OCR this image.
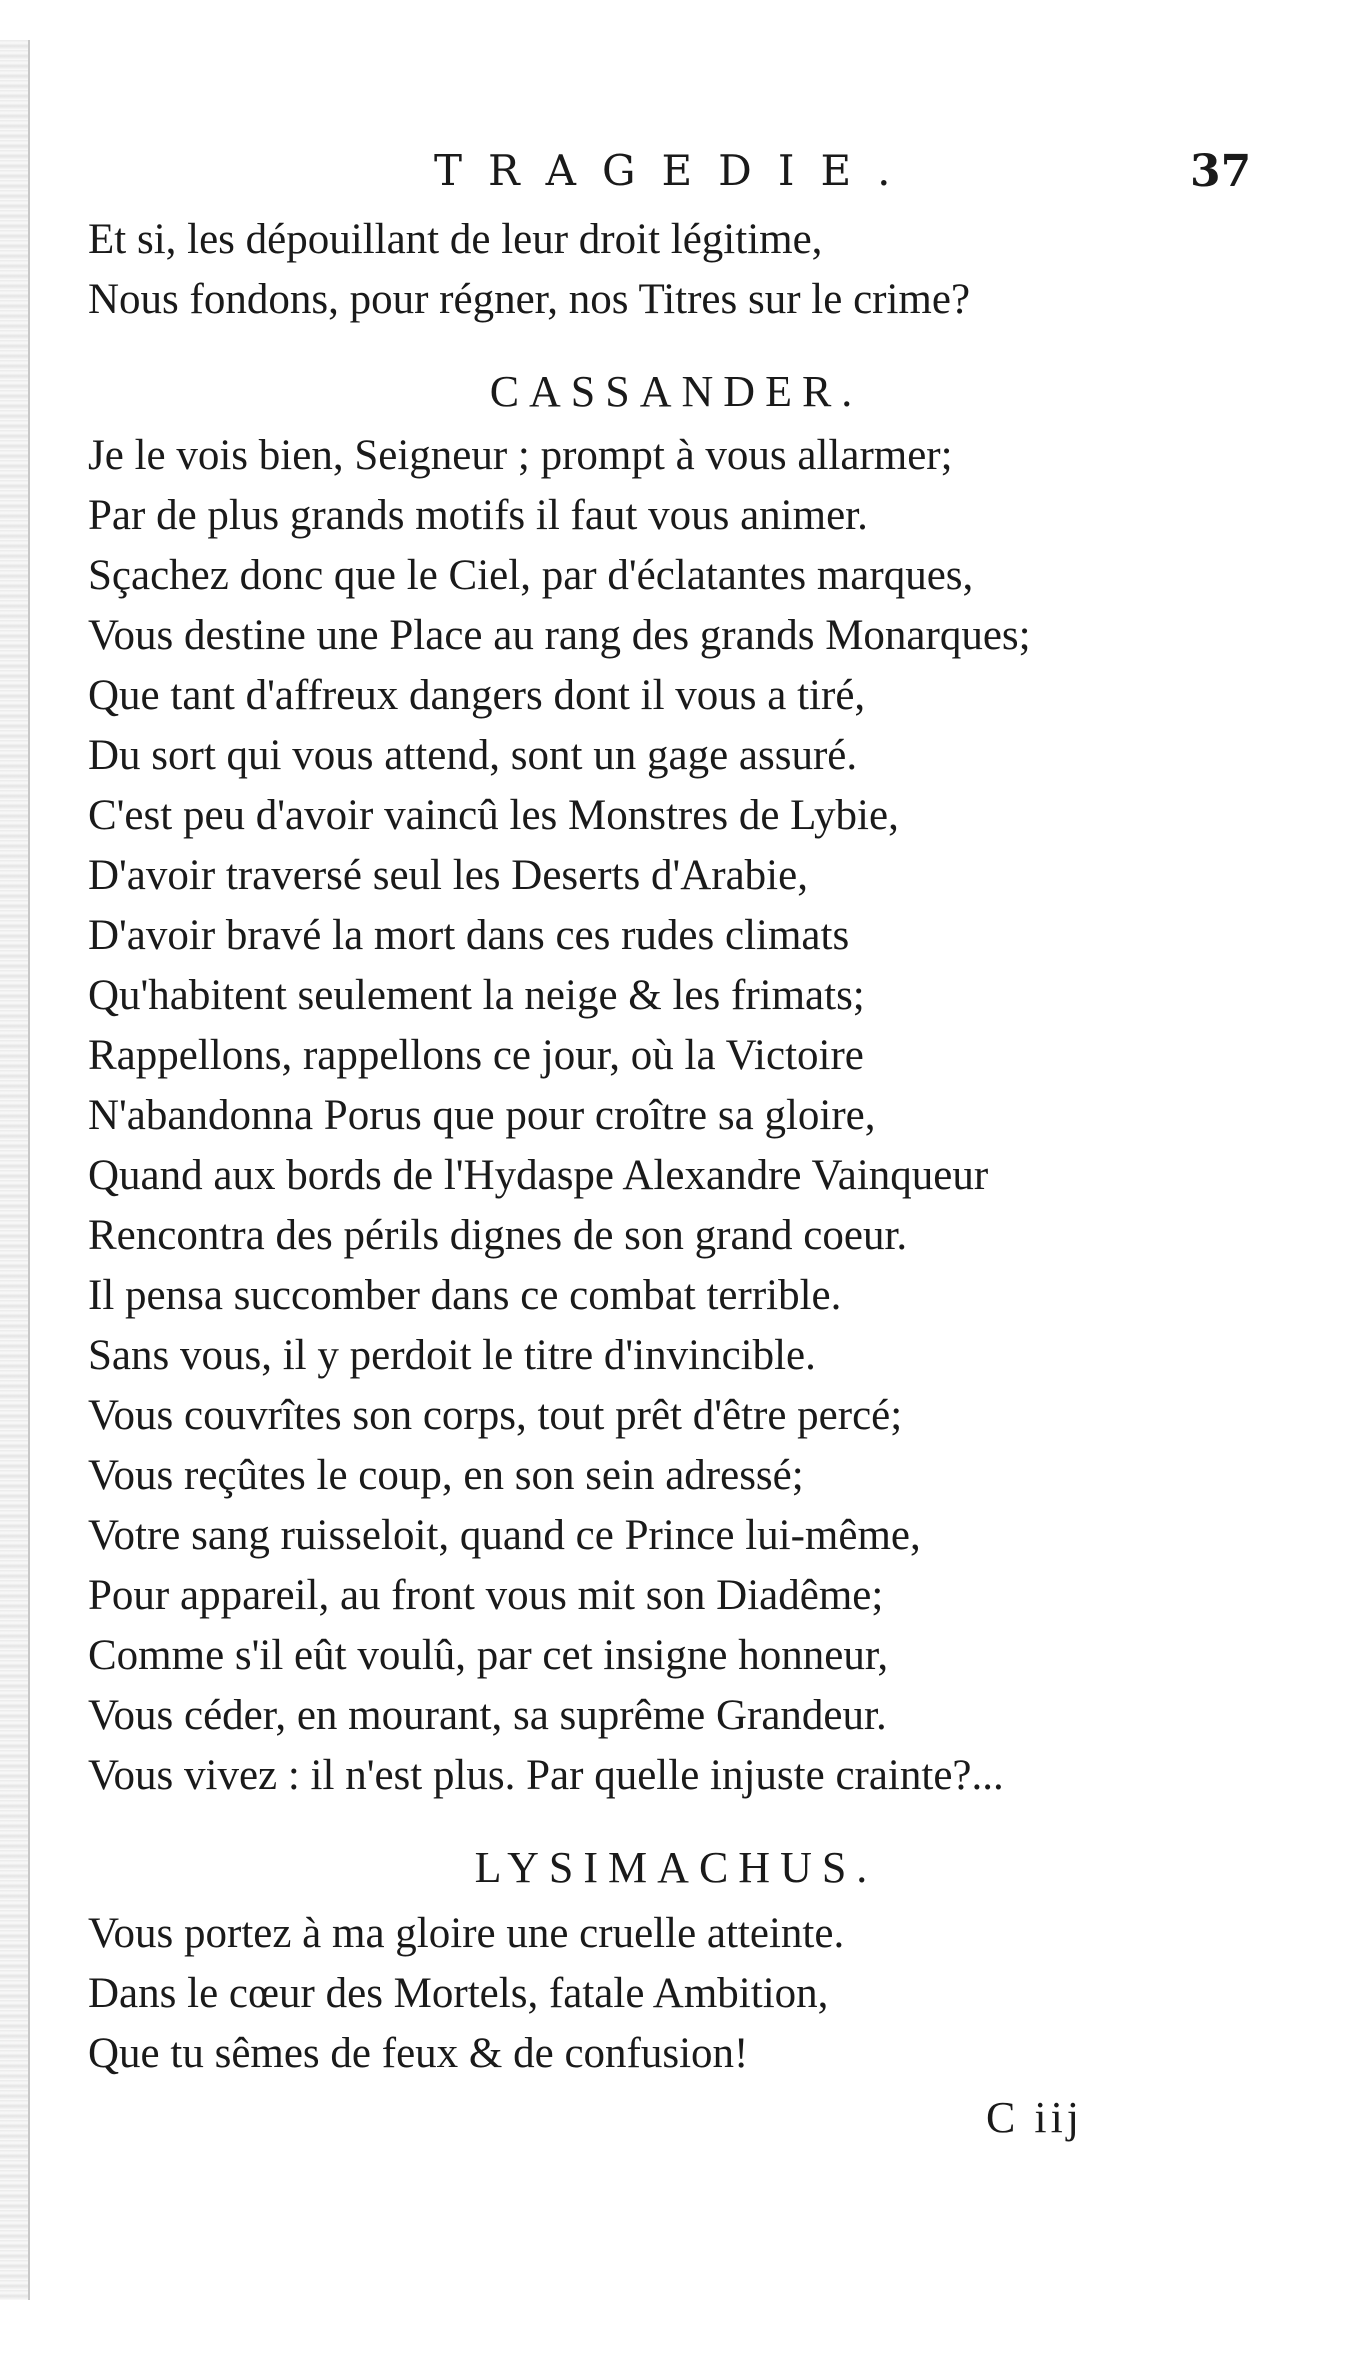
TRAGEDIE.	37
Et si, les dépouillant de leur droit légitime,
Nous fondons, pour régner, nos Titres sur le crime?
CASSANDER.
Je le vois bien, Seigneur ; prompt à vous allarmer;
Par de plus grands motifs il faut vous animer.
Sçachez donc que le Ciel, par d'éclatantes marques,
Vous destine une Place au rang des grands Monarques;
Que tant d'affreux dangers dont il vous a tiré,
Du sort qui vous attend, sont un gage assuré.
C'est peu d'avoir vaincû les Monstres de Lybie,
D'avoir traversé seul les Deserts d'Arabie,
D'avoir bravé la mort dans ces rudes climats
Qu'habitent seulement la neige & les frimats;
Rappellons, rappellons ce jour, où la Victoire
N'abandonna Porus que pour croître sa gloire,
Quand aux bords de l'Hydaspe Alexandre Vainqueur
Rencontra des périls dignes de son grand coeur.
Il pensa succomber dans ce combat terrible.
Sans vous, il y perdoit le titre d'invincible.
Vous couvrîtes son corps, tout prêt d'être percé;
Vous reçûtes le coup, en son sein adressé;
Votre sang ruisseloit, quand ce Prince lui-même,
Pour appareil, au front vous mit son Diadême;
Comme s'il eût voulû, par cet insigne honneur,
Vous céder, en mourant, sa suprême Grandeur.
Vous vivez : il n'est plus. Par quelle injuste crainte?...
LYSIMACHUS.
Vous portez à ma gloire une cruelle atteinte.
Dans le cœur des Mortels, fatale Ambition,
Que tu sêmes de feux & de confusion!
C iij
